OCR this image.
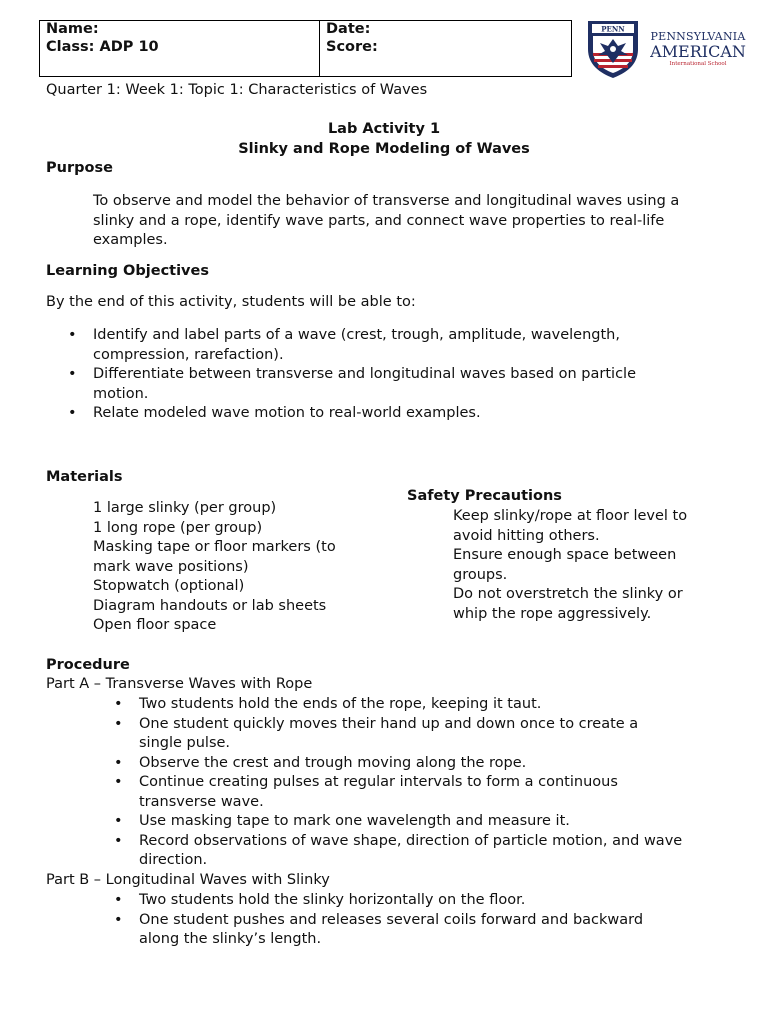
Name:
Class: ADP 10
Date:
Score:
PENN
PENNSYLVANIA
AMERICAN
International School
Quarter 1: Week 1: Topic 1: Characteristics of Waves
Lab Activity 1
Slinky and Rope Modeling of Waves
Purpose
To observe and model the behavior of transverse and longitudinal waves using a
slinky and a rope, identify wave parts, and connect wave properties to real-life
examples.
Learning Objectives
By the end of this activity, students will be able to:
• Identify and label parts of a wave (crest, trough, amplitude, wavelength,
compression, rarefaction).
• Differentiate between transverse and longitudinal waves based on particle
motion.
• Relate modeled wave motion to real-world examples.
Materials
1 large slinky (per group)
1 long rope (per group)
Masking tape or floor markers (to
mark wave positions)
Stopwatch (optional)
Diagram handouts or lab sheets
Open floor space
Safety Precautions
Keep slinky/rope at floor level to
avoid hitting others.
Ensure enough space between
groups.
Do not overstretch the slinky or
whip the rope aggressively.
Procedure
Part A – Transverse Waves with Rope
• Two students hold the ends of the rope, keeping it taut.
• One student quickly moves their hand up and down once to create a
single pulse.
• Observe the crest and trough moving along the rope.
• Continue creating pulses at regular intervals to form a continuous
transverse wave.
• Use masking tape to mark one wavelength and measure it.
• Record observations of wave shape, direction of particle motion, and wave
direction.
Part B – Longitudinal Waves with Slinky
• Two students hold the slinky horizontally on the floor.
• One student pushes and releases several coils forward and backward
along the slinky’s length.
